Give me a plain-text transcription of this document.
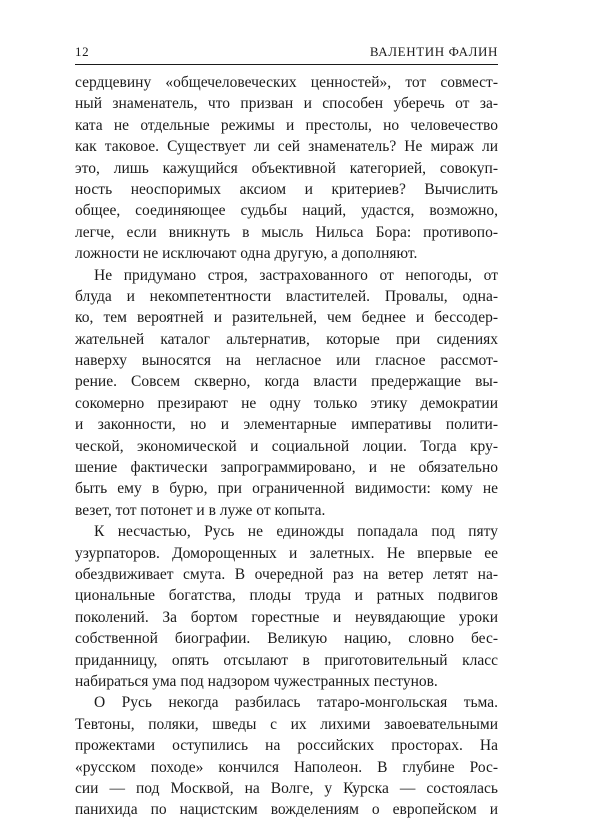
12	ВАЛЕНТИН ФАЛИН
сердцевину «общечеловеческих ценностей», тот совмест-
ный знаменатель, что призван и способен уберечь от за-
ката не отдельные режимы и престолы, но человечество
как таковое. Существует ли сей знаменатель? Не мираж ли
это, лишь кажущийся объективной категорией, совокуп-
ность неоспоримых аксиом и критериев? Вычислить
общее, соединяющее судьбы наций, удастся, возможно,
легче, если вникнуть в мысль Нильса Бора: противопо-
ложности не исключают одна другую, а дополняют.
Не придумано строя, застрахованного от непогоды, от
блуда и некомпетентности властителей. Провалы, одна-
ко, тем вероятней и разительней, чем беднее и бессодер-
жательней каталог альтернатив, которые при сидениях
наверху выносятся на негласное или гласное рассмот-
рение. Совсем скверно, когда власти предержащие вы-
сокомерно презирают не одну только этику демократии
и законности, но и элементарные императивы полити-
ческой, экономической и социальной лоции. Тогда кру-
шение фактически запрограммировано, и не обязательно
быть ему в бурю, при ограниченной видимости: кому не
везет, тот потонет и в луже от копыта.
К несчастью, Русь не единожды попадала под пяту
узурпаторов. Доморощенных и залетных. Не впервые ее
обездвиживает смута. В очередной раз на ветер летят на-
циональные богатства, плоды труда и ратных подвигов
поколений. За бортом горестные и неувядающие уроки
собственной биографии. Великую нацию, словно бес-
приданницу, опять отсылают в приготовительный класс
набираться ума под надзором чужестранных пестунов.
О Русь некогда разбилась татаро-монгольская тьма.
Тевтоны, поляки, шведы с их лихими завоевательными
прожектами оступились на российских просторах. На
«русском походе» кончился Наполеон. В глубине Рос-
сии — под Москвой, на Волге, у Курска — состоялась
панихида по нацистским вожделениям о европейском и
